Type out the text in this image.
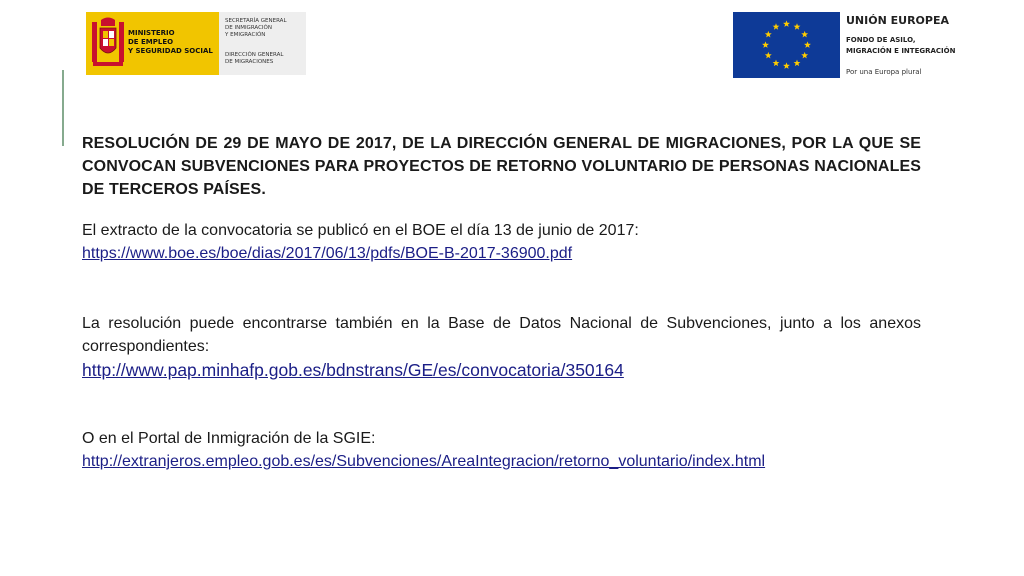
MINISTERIO
DE EMPLEO
Y SEGURIDAD SOCIAL
SECRETARÍA GENERAL
DE INMIGRACIÓN
Y EMIGRACIÓN
DIRECCIÓN GENERAL
DE MIGRACIONES
UNIÓN EUROPEA
FONDO DE ASILO,
MIGRACIÓN E INTEGRACIÓN
Por una Europa plural

RESOLUCIÓN DE 29 DE MAYO DE 2017, DE LA DIRECCIÓN GENERAL DE MIGRACIONES, POR LA QUE SE CONVOCAN SUBVENCIONES PARA PROYECTOS DE RETORNO VOLUNTARIO DE PERSONAS NACIONALES DE TERCEROS PAÍSES.

El extracto de la convocatoria se publicó en el BOE el día 13 de junio de 2017:
https://www.boe.es/boe/dias/2017/06/13/pdfs/BOE-B-2017-36900.pdf

La resolución puede encontrarse también en la Base de Datos Nacional de Subvenciones, junto a los anexos correspondientes:

http://www.pap.minhafp.gob.es/bdnstrans/GE/es/convocatoria/350164

O en el Portal de Inmigración de la SGIE:
http://extranjeros.empleo.gob.es/es/Subvenciones/AreaIntegracion/retorno_voluntario/index.html
